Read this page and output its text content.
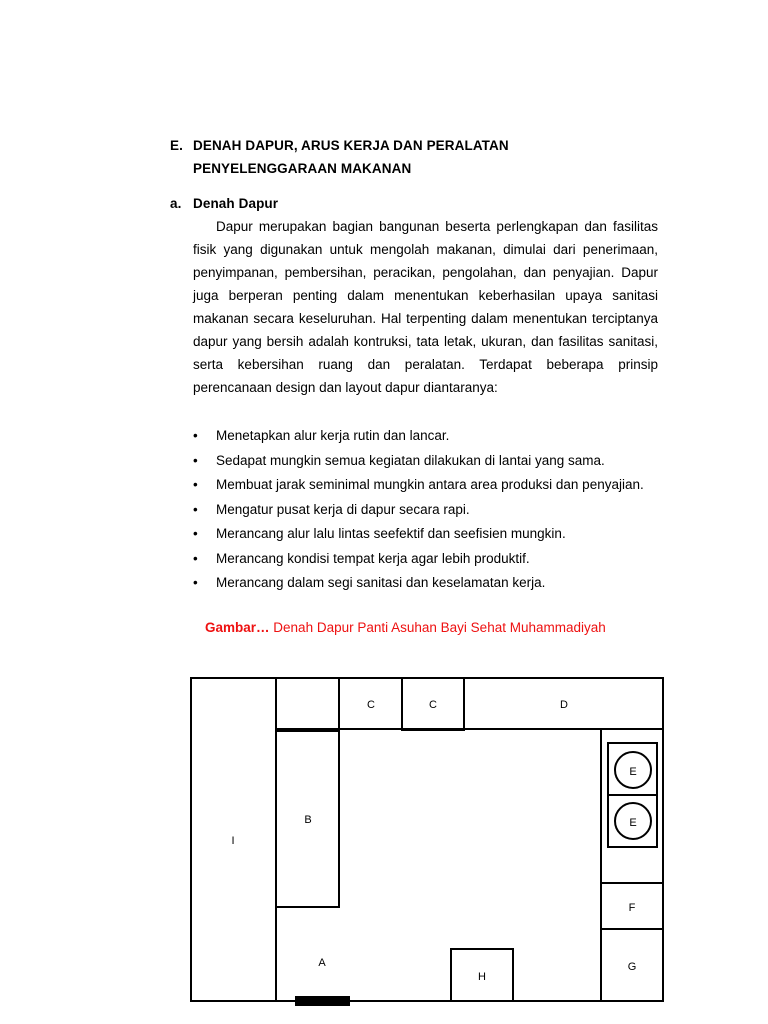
E. DENAH DAPUR, ARUS KERJA DAN PERALATAN
PENYELENGGARAAN MAKANAN
a. Denah Dapur
Dapur merupakan bagian bangunan beserta perlengkapan dan fasilitas fisik yang digunakan untuk mengolah makanan, dimulai dari penerimaan, penyimpanan, pembersihan, peracikan, pengolahan, dan penyajian. Dapur juga berperan penting dalam menentukan keberhasilan upaya sanitasi makanan secara keseluruhan. Hal terpenting dalam menentukan terciptanya dapur yang bersih adalah kontruksi, tata letak, ukuran, dan fasilitas sanitasi, serta kebersihan ruang dan peralatan. Terdapat beberapa prinsip perencanaan design dan layout dapur diantaranya:
• Menetapkan alur kerja rutin dan lancar.
• Sedapat mungkin semua kegiatan dilakukan di lantai yang sama.
• Membuat jarak seminimal mungkin antara area produksi dan penyajian.
• Mengatur pusat kerja di dapur secara rapi.
• Merancang alur lalu lintas seefektif dan seefisien mungkin.
• Merancang kondisi tempat kerja agar lebih produktif.
• Merancang dalam segi sanitasi dan keselamatan kerja.
Gambar… Denah Dapur Panti Asuhan Bayi Sehat Muhammadiyah
I
B
C	C	D
E
E
F
G
A
H
